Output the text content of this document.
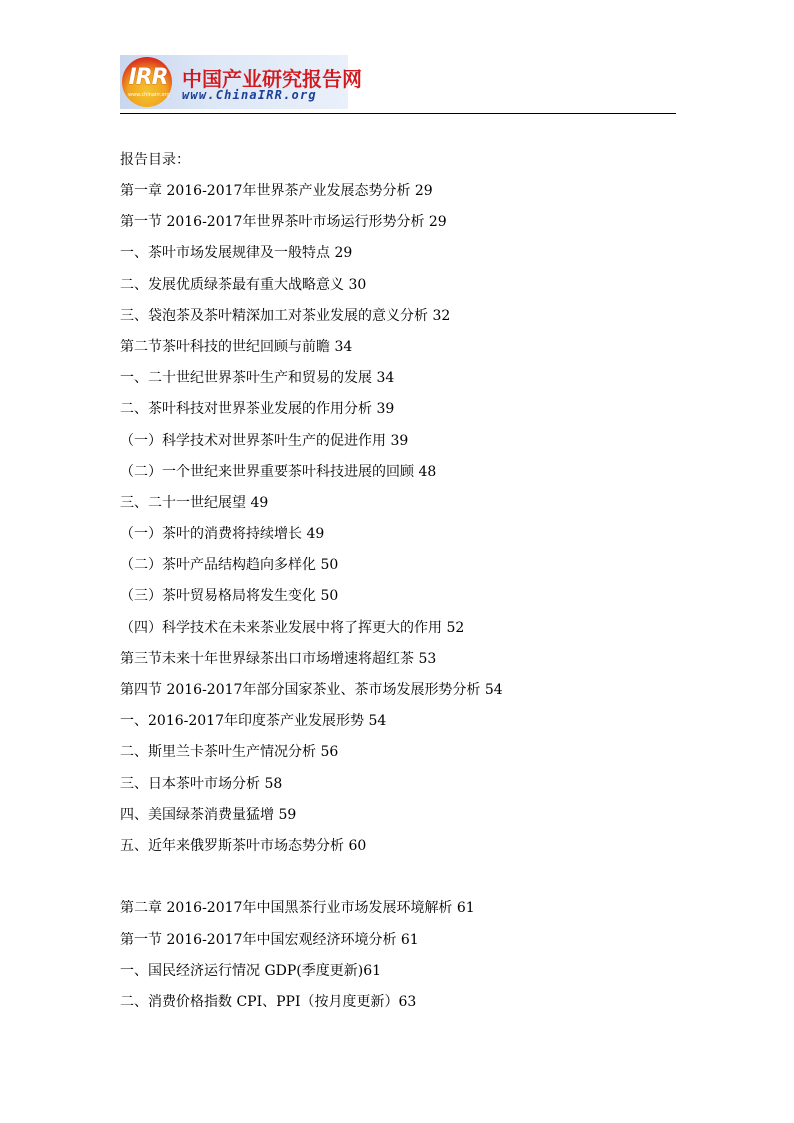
IRR
www.chinairr.org
中国产业研究报告网
www.ChinaIRR.org
报告目录：
第一章 2016-2017年世界茶产业发展态势分析 29
第一节 2016-2017年世界茶叶市场运行形势分析 29
一、茶叶市场发展规律及一般特点 29
二、发展优质绿茶最有重大战略意义 30
三、袋泡茶及茶叶精深加工对茶业发展的意义分析 32
第二节茶叶科技的世纪回顾与前瞻 34
一、二十世纪世界茶叶生产和贸易的发展 34
二、茶叶科技对世界茶业发展的作用分析 39
（一）科学技术对世界茶叶生产的促进作用 39
（二）一个世纪来世界重要茶叶科技进展的回顾 48
三、二十一世纪展望 49
（一）茶叶的消费将持续增长 49
（二）茶叶产品结构趋向多样化 50
（三）茶叶贸易格局将发生变化 50
（四）科学技术在未来茶业发展中将了挥更大的作用 52
第三节未来十年世界绿茶出口市场增速将超红茶 53
第四节 2016-2017年部分国家茶业、茶市场发展形势分析 54
一、2016-2017年印度茶产业发展形势 54
二、斯里兰卡茶叶生产情况分析 56
三、日本茶叶市场分析 58
四、美国绿茶消费量猛增 59
五、近年来俄罗斯茶叶市场态势分析 60
第二章 2016-2017年中国黑茶行业市场发展环境解析 61
第一节 2016-2017年中国宏观经济环境分析 61
一、国民经济运行情况 GDP(季度更新)61
二、消费价格指数 CPI、PPI（按月度更新）63
